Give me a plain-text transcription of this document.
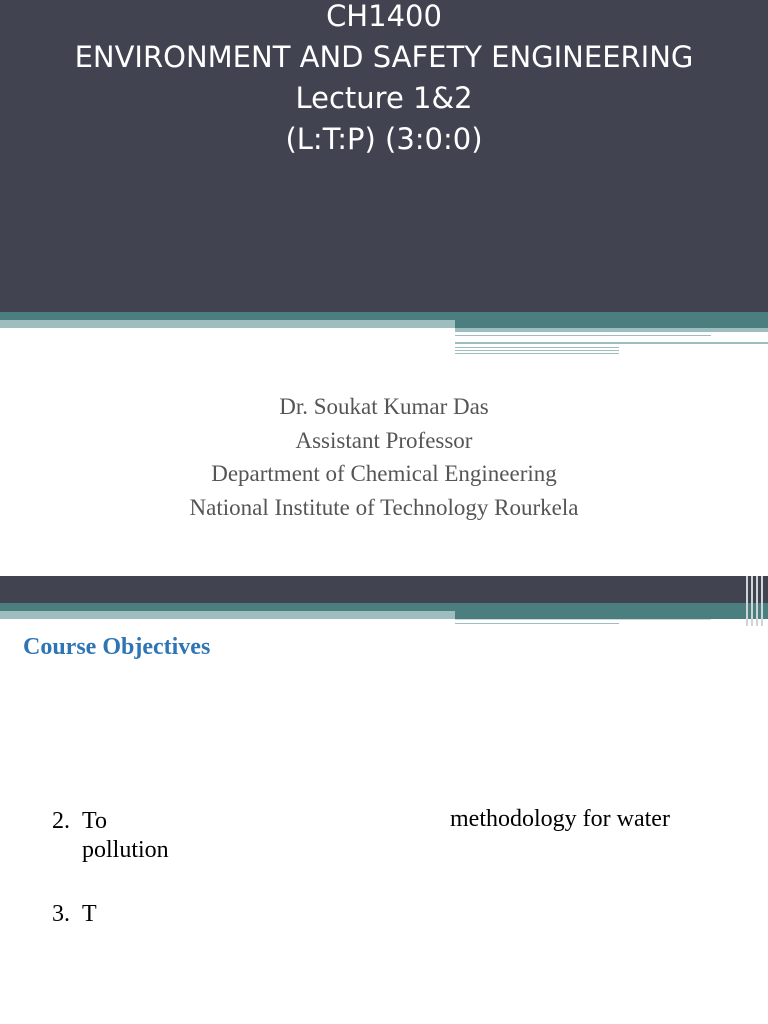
CH1400
ENVIRONMENT AND SAFETY ENGINEERING
Lecture 1&2
(L:T:P) (3:0:0)
Dr. Soukat Kumar Das
Assistant Professor
Department of Chemical Engineering
National Institute of Technology Rourkela
Course Objectives
2. To	methodology for water
pollution
3. T
